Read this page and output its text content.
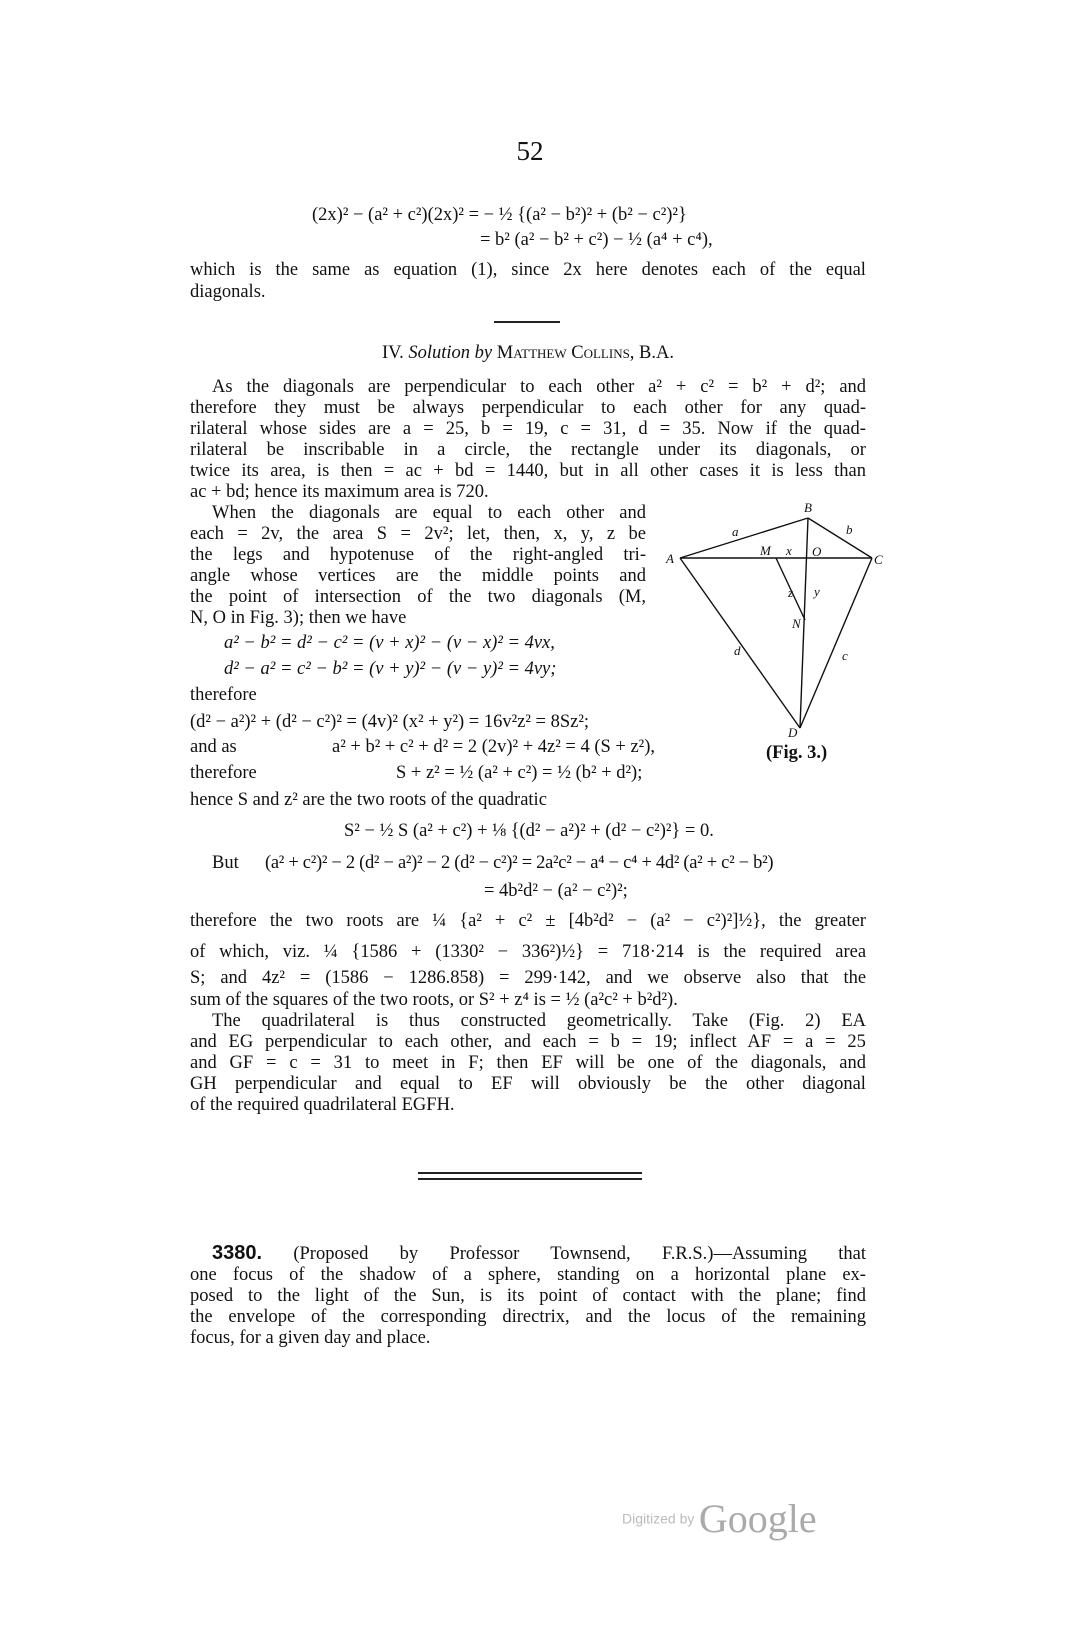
52
(2x)² − (a² + c²)(2x)² = − ½ {(a² − b²)² + (b² − c²)²}
= b² (a² − b² + c²) − ½ (a⁴ + c⁴),
which is the same as equation (1), since 2x here denotes each of the equal
diagonals.
IV. Solution by Matthew Collins, B.A.
As the diagonals are perpendicular to each other a² + c² = b² + d²; and
therefore they must be always perpendicular to each other for any quad-
rilateral whose sides are a = 25, b = 19, c = 31, d = 35. Now if the quad-
rilateral be inscribable in a circle, the rectangle under its diagonals, or
twice its area, is then = ac + bd = 1440, but in all other cases it is less than
ac + bd; hence its maximum area is 720.
When the diagonals are equal to each other and
each = 2v, the area S = 2v²; let, then, x, y, z be
the legs and hypotenuse of the right-angled tri-
angle whose vertices are the middle points and
the point of intersection of the two diagonals (M,
N, O in Fig. 3); then we have
a² − b² = d² − c² = (v + x)² − (v − x)² = 4vx,
d² − a² = c² − b² = (v + y)² − (v − y)² = 4vy;
therefore
(d² − a²)² + (d² − c²)² = (4v)² (x² + y²) = 16v²z² = 8Sz²;
and as	a² + b² + c² + d² = 2 (2v)² + 4z² = 4 (S + z²),	(Fig. 3.)
therefore	S + z² = ½ (a² + c²) = ½ (b² + d²);
hence S and z² are the two roots of the quadratic
S² − ½ S (a² + c²) + ⅛ {(d² − a²)² + (d² − c²)²} = 0.
But (a² + c²)² − 2 (d² − a²)² − 2 (d² − c²)² = 2a²c² − a⁴ − c⁴ + 4d² (a² + c² − b²)
= 4b²d² − (a² − c²)²;
therefore the two roots are ¼ {a² + c² ± [4b²d² − (a² − c²)²]½}, the greater
of which, viz. ¼ {1586 + (1330² − 336²)½} = 718·214 is the required area
S; and 4z² = (1586 − 1286.858) = 299·142, and we observe also that the
sum of the squares of the two roots, or S² + z⁴ is = ½ (a²c² + b²d²).
The quadrilateral is thus constructed geometrically. Take (Fig. 2) EA
and EG perpendicular to each other, and each = b = 19; inflect AF = a = 25
and GF = c = 31 to meet in F; then EF will be one of the diagonals, and
GH perpendicular and equal to EF will obviously be the other diagonal
of the required quadrilateral EGFH.
3380. (Proposed by Professor Townsend, F.R.S.)—Assuming that
one focus of the shadow of a sphere, standing on a horizontal plane ex-
posed to the light of the Sun, is its point of contact with the plane; find
the envelope of the corresponding directrix, and the locus of the remaining
focus, for a given day and place.
B
A	C
D
M x O
y
z
N
a	b
c
d
Digitized by Google
